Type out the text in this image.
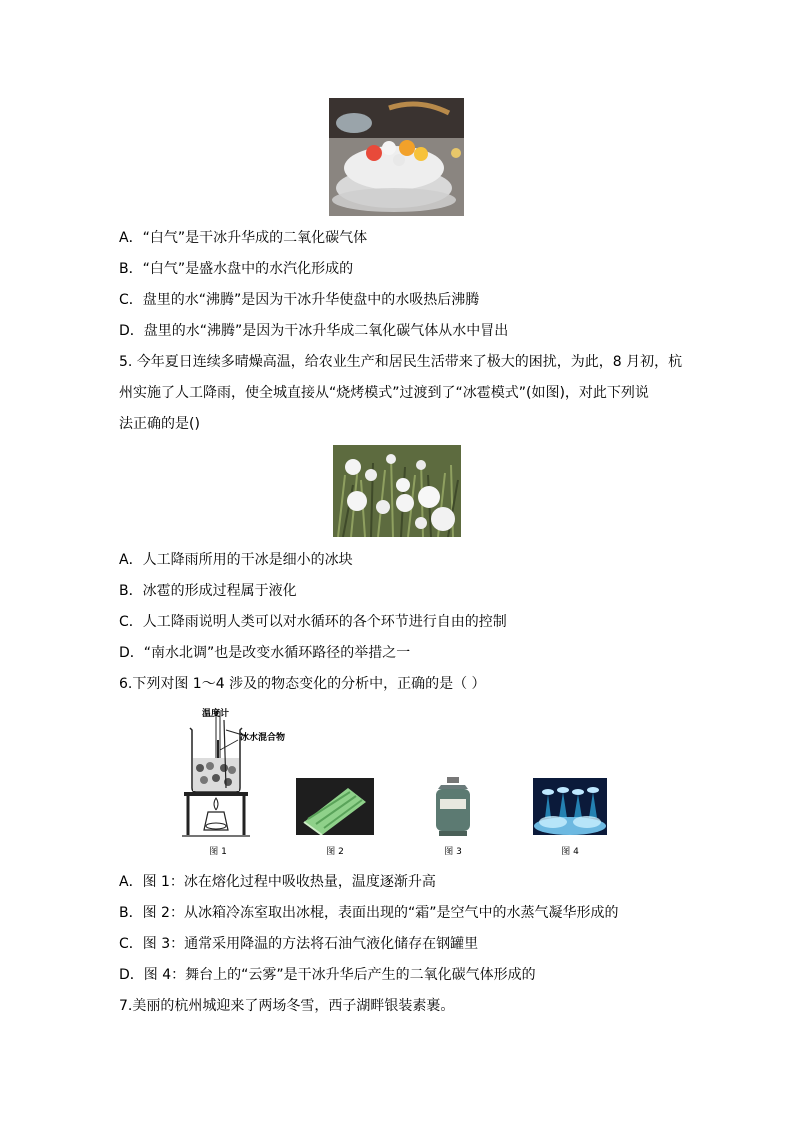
A．“白气”是干冰升华成的二氧化碳气体
B．“白气”是盛水盘中的水汽化形成的
C．盘里的水“沸腾”是因为干冰升华使盘中的水吸热后沸腾
D．盘里的水“沸腾”是因为干冰升华成二氧化碳气体从水中冒出
5. 今年夏日连续多晴燥高温，给农业生产和居民生活带来了极大的困扰，为此，8 月初，杭
州实施了人工降雨，使全城直接从“烧烤模式”过渡到了“冰雹模式”(如图)，对此下列说
法正确的是()
A．人工降雨所用的干冰是细小的冰块
B．冰雹的形成过程属于液化
C．人工降雨说明人类可以对水循环的各个环节进行自由的控制
D．“南水北调”也是改变水循环路径的举措之一
6.下列对图 1～4 涉及的物态变化的分析中，正确的是（ ）
温度计
冰水混合物
图 1	图 2	图 3	图 4
A．图 1：冰在熔化过程中吸收热量，温度逐渐升高
B．图 2：从冰箱冷冻室取出冰棍，表面出现的“霜”是空气中的水蒸气凝华形成的
C．图 3：通常采用降温的方法将石油气液化储存在钢罐里
D．图 4：舞台上的“云雾”是干冰升华后产生的二氧化碳气体形成的
7.美丽的杭州城迎来了两场冬雪，西子湖畔银装素裹。
